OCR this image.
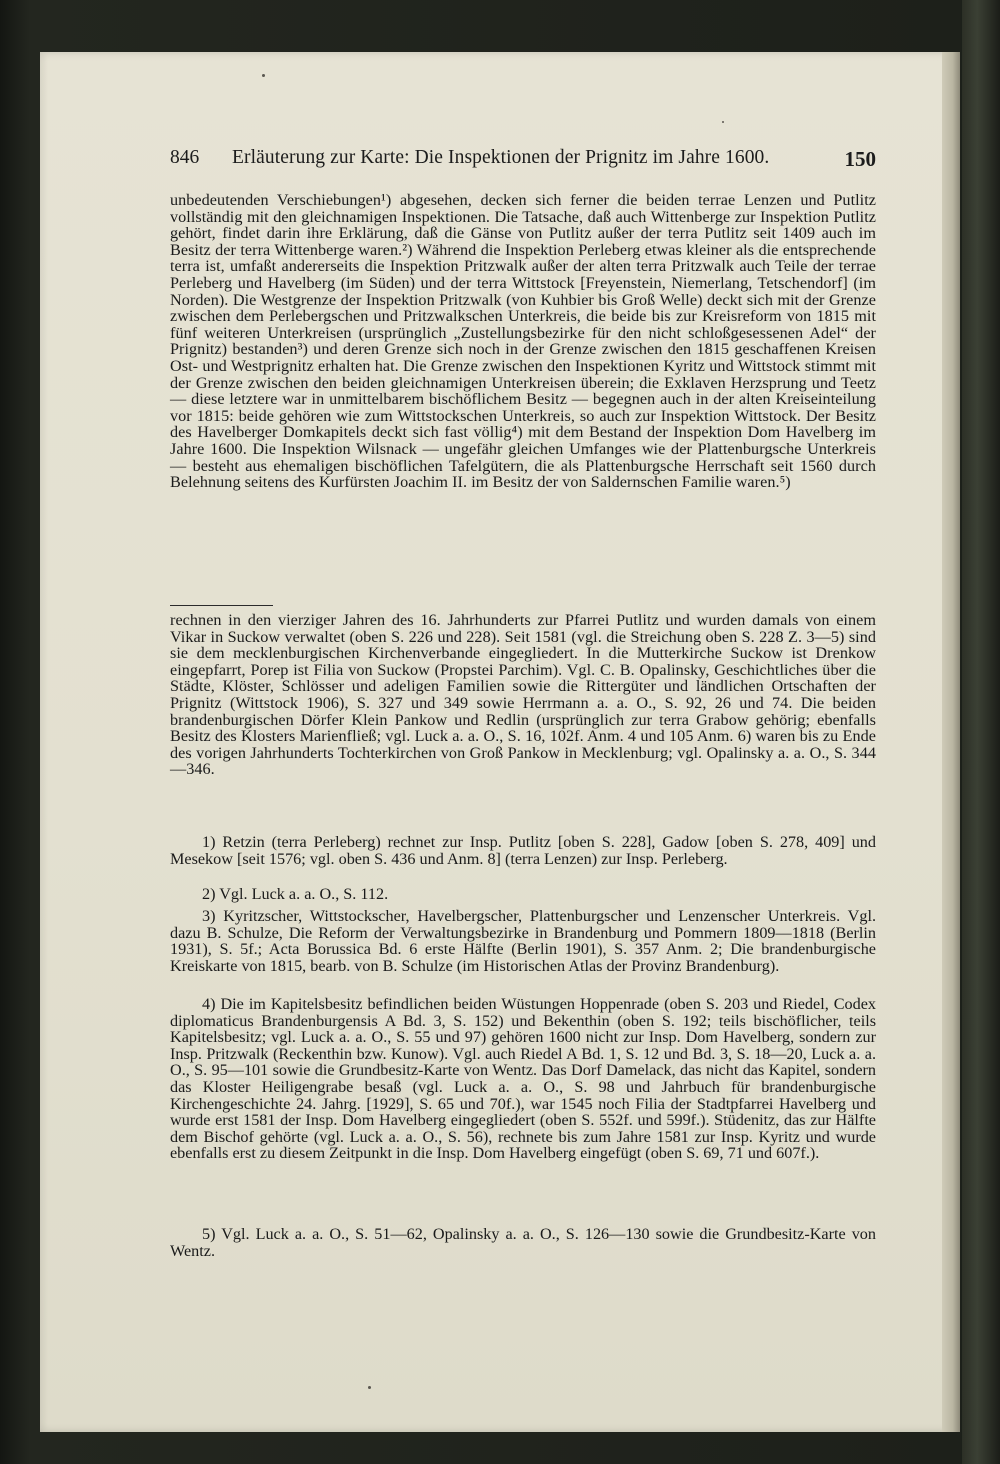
846 Erläuterung zur Karte: Die Inspektionen der Prignitz im Jahre 1600.	150
unbedeutenden Verschiebungen¹) abgesehen, decken sich ferner die beiden terrae Lenzen und Putlitz vollständig mit den gleichnamigen Inspektionen. Die Tatsache, daß auch Wittenberge zur Inspektion Putlitz gehört, findet darin ihre Erklärung, daß die Gänse von Putlitz außer der terra Putlitz seit 1409 auch im Besitz der terra Wittenberge waren.²) Während die Inspektion Perleberg etwas kleiner als die entsprechende terra ist, umfaßt andererseits die Inspektion Pritzwalk außer der alten terra Pritzwalk auch Teile der terrae Perleberg und Havelberg (im Süden) und der terra Wittstock [Freyenstein, Niemerlang, Tetschendorf] (im Norden). Die Westgrenze der Inspektion Pritzwalk (von Kuhbier bis Groß Welle) deckt sich mit der Grenze zwischen dem Perlebergschen und Pritzwalkschen Unterkreis, die beide bis zur Kreisreform von 1815 mit fünf weiteren Unterkreisen (ursprünglich „Zustellungsbezirke für den nicht schloßgesessenen Adel“ der Prignitz) bestanden³) und deren Grenze sich noch in der Grenze zwischen den 1815 geschaffenen Kreisen Ost- und Westprignitz erhalten hat. Die Grenze zwischen den Inspektionen Kyritz und Wittstock stimmt mit der Grenze zwischen den beiden gleichnamigen Unterkreisen überein; die Exklaven Herzsprung und Teetz — diese letztere war in unmittelbarem bischöflichem Besitz — begegnen auch in der alten Kreiseinteilung vor 1815: beide gehören wie zum Wittstockschen Unterkreis, so auch zur Inspektion Wittstock. Der Besitz des Havelberger Domkapitels deckt sich fast völlig⁴) mit dem Bestand der Inspektion Dom Havelberg im Jahre 1600. Die Inspektion Wilsnack — ungefähr gleichen Umfanges wie der Plattenburgsche Unterkreis — besteht aus ehemaligen bischöflichen Tafelgütern, die als Plattenburgsche Herrschaft seit 1560 durch Belehnung seitens des Kurfürsten Joachim II. im Besitz der von Saldernschen Familie waren.⁵)
rechnen in den vierziger Jahren des 16. Jahrhunderts zur Pfarrei Putlitz und wurden damals von einem Vikar in Suckow verwaltet (oben S. 226 und 228). Seit 1581 (vgl. die Streichung oben S. 228 Z. 3—5) sind sie dem mecklenburgischen Kirchenverbande eingegliedert. In die Mutterkirche Suckow ist Drenkow eingepfarrt, Porep ist Filia von Suckow (Propstei Parchim). Vgl. C. B. Opalinsky, Geschichtliches über die Städte, Klöster, Schlösser und adeligen Familien sowie die Rittergüter und ländlichen Ortschaften der Prignitz (Wittstock 1906), S. 327 und 349 sowie Herrmann a. a. O., S. 92, 26 und 74. Die beiden brandenburgischen Dörfer Klein Pankow und Redlin (ursprünglich zur terra Grabow gehörig; ebenfalls Besitz des Klosters Marienfließ; vgl. Luck a. a. O., S. 16, 102f. Anm. 4 und 105 Anm. 6) waren bis zu Ende des vorigen Jahrhunderts Tochterkirchen von Groß Pankow in Mecklenburg; vgl. Opalinsky a. a. O., S. 344—346.
1) Retzin (terra Perleberg) rechnet zur Insp. Putlitz [oben S. 228], Gadow [oben S. 278, 409] und Mesekow [seit 1576; vgl. oben S. 436 und Anm. 8] (terra Lenzen) zur Insp. Perleberg.
2) Vgl. Luck a. a. O., S. 112.
3) Kyritzscher, Wittstockscher, Havelbergscher, Plattenburgscher und Lenzenscher Unterkreis. Vgl. dazu B. Schulze, Die Reform der Verwaltungsbezirke in Brandenburg und Pommern 1809—1818 (Berlin 1931), S. 5f.; Acta Borussica Bd. 6 erste Hälfte (Berlin 1901), S. 357 Anm. 2; Die brandenburgische Kreiskarte von 1815, bearb. von B. Schulze (im Historischen Atlas der Provinz Brandenburg).
4) Die im Kapitelsbesitz befindlichen beiden Wüstungen Hoppenrade (oben S. 203 und Riedel, Codex diplomaticus Brandenburgensis A Bd. 3, S. 152) und Bekenthin (oben S. 192; teils bischöflicher, teils Kapitelsbesitz; vgl. Luck a. a. O., S. 55 und 97) gehören 1600 nicht zur Insp. Dom Havelberg, sondern zur Insp. Pritzwalk (Reckenthin bzw. Kunow). Vgl. auch Riedel A Bd. 1, S. 12 und Bd. 3, S. 18—20, Luck a. a. O., S. 95—101 sowie die Grundbesitz-Karte von Wentz. Das Dorf Damelack, das nicht das Kapitel, sondern das Kloster Heiligengrabe besaß (vgl. Luck a. a. O., S. 98 und Jahrbuch für brandenburgische Kirchengeschichte 24. Jahrg. [1929], S. 65 und 70f.), war 1545 noch Filia der Stadtpfarrei Havelberg und wurde erst 1581 der Insp. Dom Havelberg eingegliedert (oben S. 552f. und 599f.). Stüdenitz, das zur Hälfte dem Bischof gehörte (vgl. Luck a. a. O., S. 56), rechnete bis zum Jahre 1581 zur Insp. Kyritz und wurde ebenfalls erst zu diesem Zeitpunkt in die Insp. Dom Havelberg eingefügt (oben S. 69, 71 und 607f.).
5) Vgl. Luck a. a. O., S. 51—62, Opalinsky a. a. O., S. 126—130 sowie die Grundbesitz-Karte von Wentz.
